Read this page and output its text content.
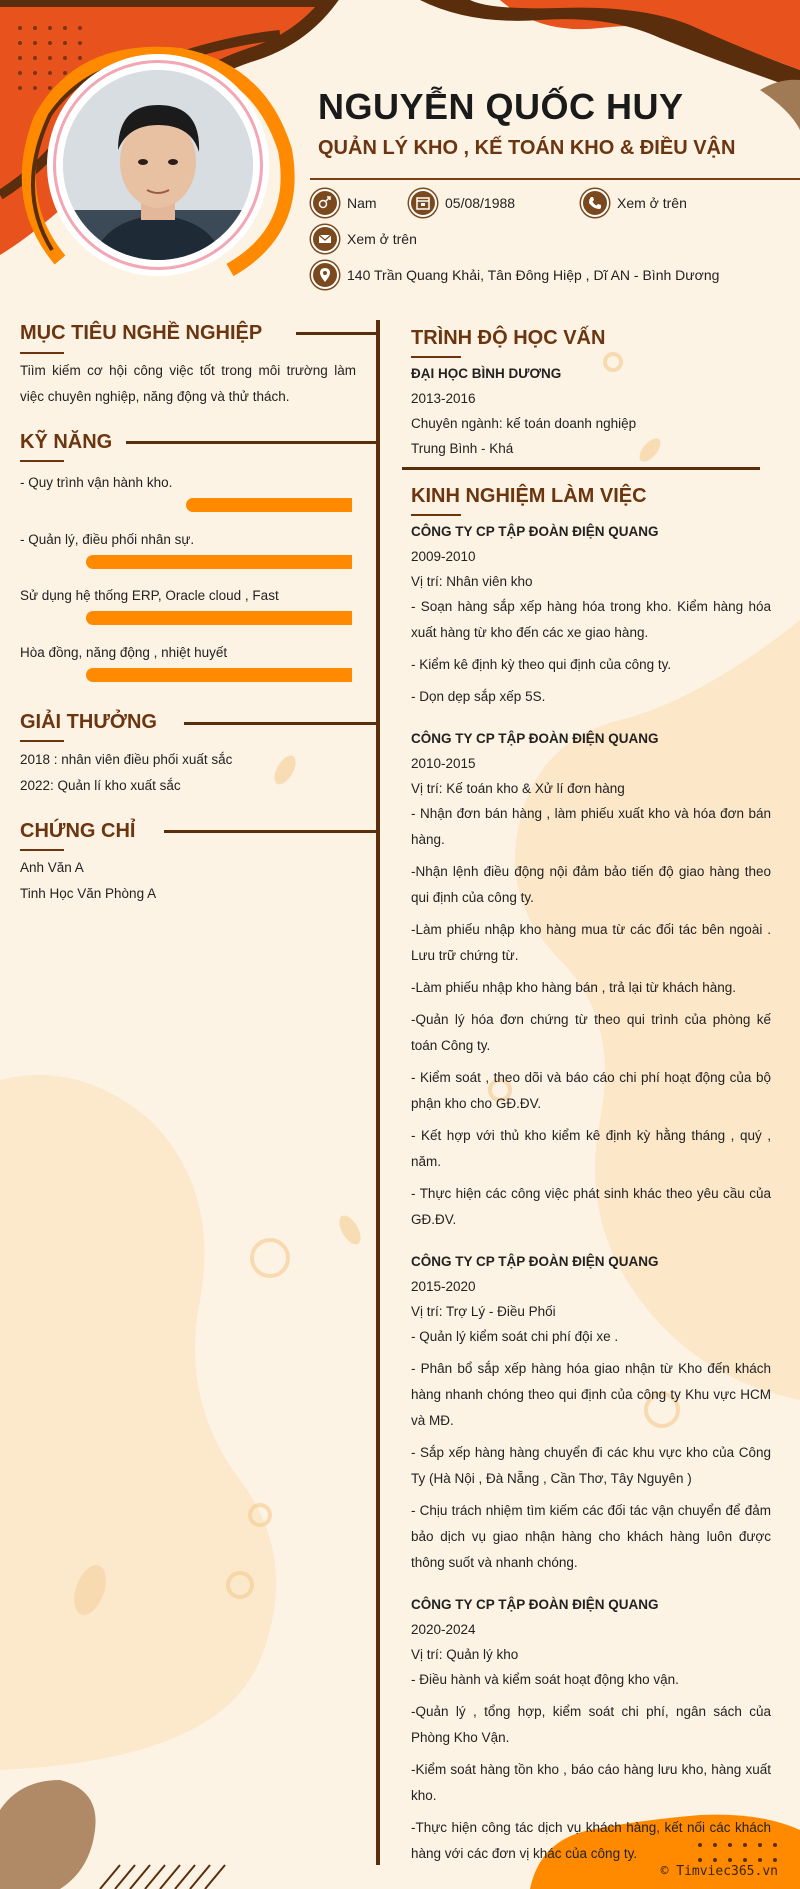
NGUYỄN QUỐC HUY
QUẢN LÝ KHO , KẾ TOÁN KHO & ĐIỀU VẬN
Nam	05/08/1988	Xem ở trên
Xem ở trên
140 Trần Quang Khải, Tân Đông Hiệp , Dĩ AN - Bình Dương
MỤC TIÊU NGHỀ NGHIỆP
Tiìm kiếm cơ hội công việc tốt trong môi trường làm việc chuyên nghiệp, năng động và thử thách.
KỸ NĂNG
- Quy trình vận hành kho.
- Quản lý, điều phối nhân sự.
Sử dụng hệ thống ERP, Oracle cloud , Fast
Hòa đồng, năng động , nhiệt huyết
GIẢI THƯỞNG
2018 : nhân viên điều phối xuất sắc
2022: Quản lí kho xuất sắc
CHỨNG CHỈ
Anh Văn A
Tinh Học Văn Phòng A
TRÌNH ĐỘ HỌC VẤN
ĐẠI HỌC BÌNH DƯƠNG
2013-2016
Chuyên ngành: kế toán doanh nghiệp
Trung Bình - Khá
KINH NGHIỆM LÀM VIỆC
CÔNG TY CP TẬP ĐOÀN ĐIỆN QUANG
2009-2010
Vị trí: Nhân viên kho
- Soạn hàng sắp xếp hàng hóa trong kho. Kiểm hàng hóa xuất hàng từ kho đến các xe giao hàng.
- Kiểm kê định kỳ theo qui định của công ty.
- Dọn dẹp sắp xếp 5S.
CÔNG TY CP TẬP ĐOÀN ĐIỆN QUANG
2010-2015
Vị trí: Kế toán kho & Xử lí đơn hàng
- Nhận đơn bán hàng , làm phiếu xuất kho và hóa đơn bán hàng.
-Nhận lệnh điều động nội đảm bảo tiến độ giao hàng theo qui định của công ty.
-Làm phiếu nhập kho hàng mua từ các đối tác bên ngoài . Lưu trữ chứng từ.
-Làm phiếu nhập kho hàng bán , trả lại từ khách hàng.
-Quản lý hóa đơn chứng từ theo qui trình của phòng kế toán Công ty.
- Kiểm soát , theo dõi và báo cáo chi phí hoạt động của bộ phận kho cho GĐ.ĐV.
- Kết hợp với thủ kho kiểm kê định kỳ hằng tháng , quý , năm.
- Thực hiện các công việc phát sinh khác theo yêu cầu của GĐ.ĐV.
CÔNG TY CP TẬP ĐOÀN ĐIỆN QUANG
2015-2020
Vị trí: Trợ Lý - Điều Phối
- Quản lý kiểm soát chi phí đội xe .
- Phân bổ sắp xếp hàng hóa giao nhận từ Kho đến khách hàng nhanh chóng theo qui định của công ty Khu vực HCM và MĐ.
- Sắp xếp hàng hàng chuyển đi các khu vực kho của Công Ty (Hà Nội , Đà Nẵng , Cần Thơ, Tây Nguyên )
- Chịu trách nhiệm tìm kiếm các đối tác vận chuyển để đảm bảo dịch vụ giao nhận hàng cho khách hàng luôn được thông suốt và nhanh chóng.
CÔNG TY CP TẬP ĐOÀN ĐIỆN QUANG
2020-2024
Vị trí: Quản lý kho
- Điều hành và kiểm soát hoạt động kho vận.
-Quản lý , tổng hợp, kiểm soát chi phí, ngân sách của Phòng Kho Vận.
-Kiểm soát hàng tồn kho , báo cáo hàng lưu kho, hàng xuất kho.
-Thực hiện công tác dịch vụ khách hàng, kết nối các khách hàng với các đơn vị khác của công ty.
© Timviec365.vn
